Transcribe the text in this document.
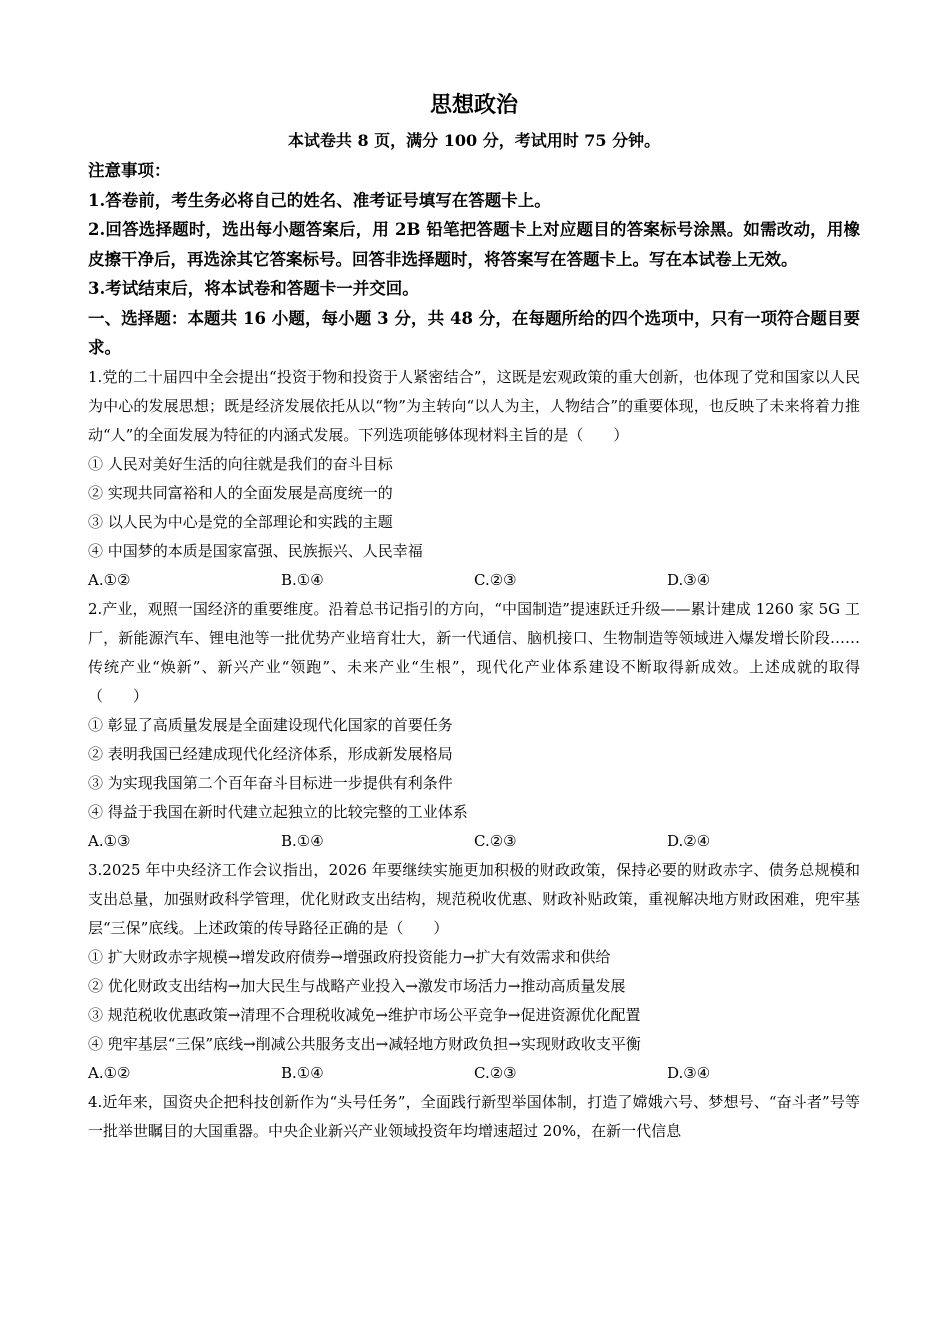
思想政治
本试卷共 8 页，满分 100 分，考试用时 75 分钟。
注意事项：
1.答卷前，考生务必将自己的姓名、准考证号填写在答题卡上。
2.回答选择题时，选出每小题答案后，用 2B 铅笔把答题卡上对应题目的答案标号涂黑。如需改动，用橡皮擦干净后，再选涂其它答案标号。回答非选择题时，将答案写在答题卡上。写在本试卷上无效。
3.考试结束后，将本试卷和答题卡一并交回。
一、选择题：本题共 16 小题，每小题 3 分，共 48 分，在每题所给的四个选项中，只有一项符合题目要求。
1.党的二十届四中全会提出“投资于物和投资于人紧密结合”，这既是宏观政策的重大创新，也体现了党和国家以人民为中心的发展思想；既是经济发展依托从以“物”为主转向“以人为主，人物结合”的重要体现，也反映了未来将着力推动“人”的全面发展为特征的内涵式发展。下列选项能够体现材料主旨的是（　　）
① 人民对美好生活的向往就是我们的奋斗目标
② 实现共同富裕和人的全面发展是高度统一的
③ 以人民为中心是党的全部理论和实践的主题
④ 中国梦的本质是国家富强、民族振兴、人民幸福
A.①②	B.①④	C.②③	D.③④
2.产业，观照一国经济的重要维度。沿着总书记指引的方向，“中国制造”提速跃迁升级——累计建成 1260 家 5G 工厂，新能源汽车、锂电池等一批优势产业培育壮大，新一代通信、脑机接口、生物制造等领域进入爆发增长阶段……传统产业“焕新”、新兴产业“领跑”、未来产业“生根”，现代化产业体系建设不断取得新成效。上述成就的取得（　　）
① 彰显了高质量发展是全面建设现代化国家的首要任务
② 表明我国已经建成现代化经济体系，形成新发展格局
③ 为实现我国第二个百年奋斗目标进一步提供有利条件
④ 得益于我国在新时代建立起独立的比较完整的工业体系
A.①③	B.①④	C.②③	D.②④
3.2025 年中央经济工作会议指出，2026 年要继续实施更加积极的财政政策，保持必要的财政赤字、债务总规模和支出总量，加强财政科学管理，优化财政支出结构，规范税收优惠、财政补贴政策，重视解决地方财政困难，兜牢基层“三保”底线。上述政策的传导路径正确的是（　　）
① 扩大财政赤字规模→增发政府债券→增强政府投资能力→扩大有效需求和供给
② 优化财政支出结构→加大民生与战略产业投入→激发市场活力→推动高质量发展
③ 规范税收优惠政策→清理不合理税收减免→维护市场公平竞争→促进资源优化配置
④ 兜牢基层“三保”底线→削减公共服务支出→减轻地方财政负担→实现财政收支平衡
A.①②	B.①④	C.②③	D.③④
4.近年来，国资央企把科技创新作为“头号任务”，全面践行新型举国体制，打造了嫦娥六号、梦想号、“奋斗者”号等一批举世瞩目的大国重器。中央企业新兴产业领域投资年均增速超过 20%，在新一代信息
